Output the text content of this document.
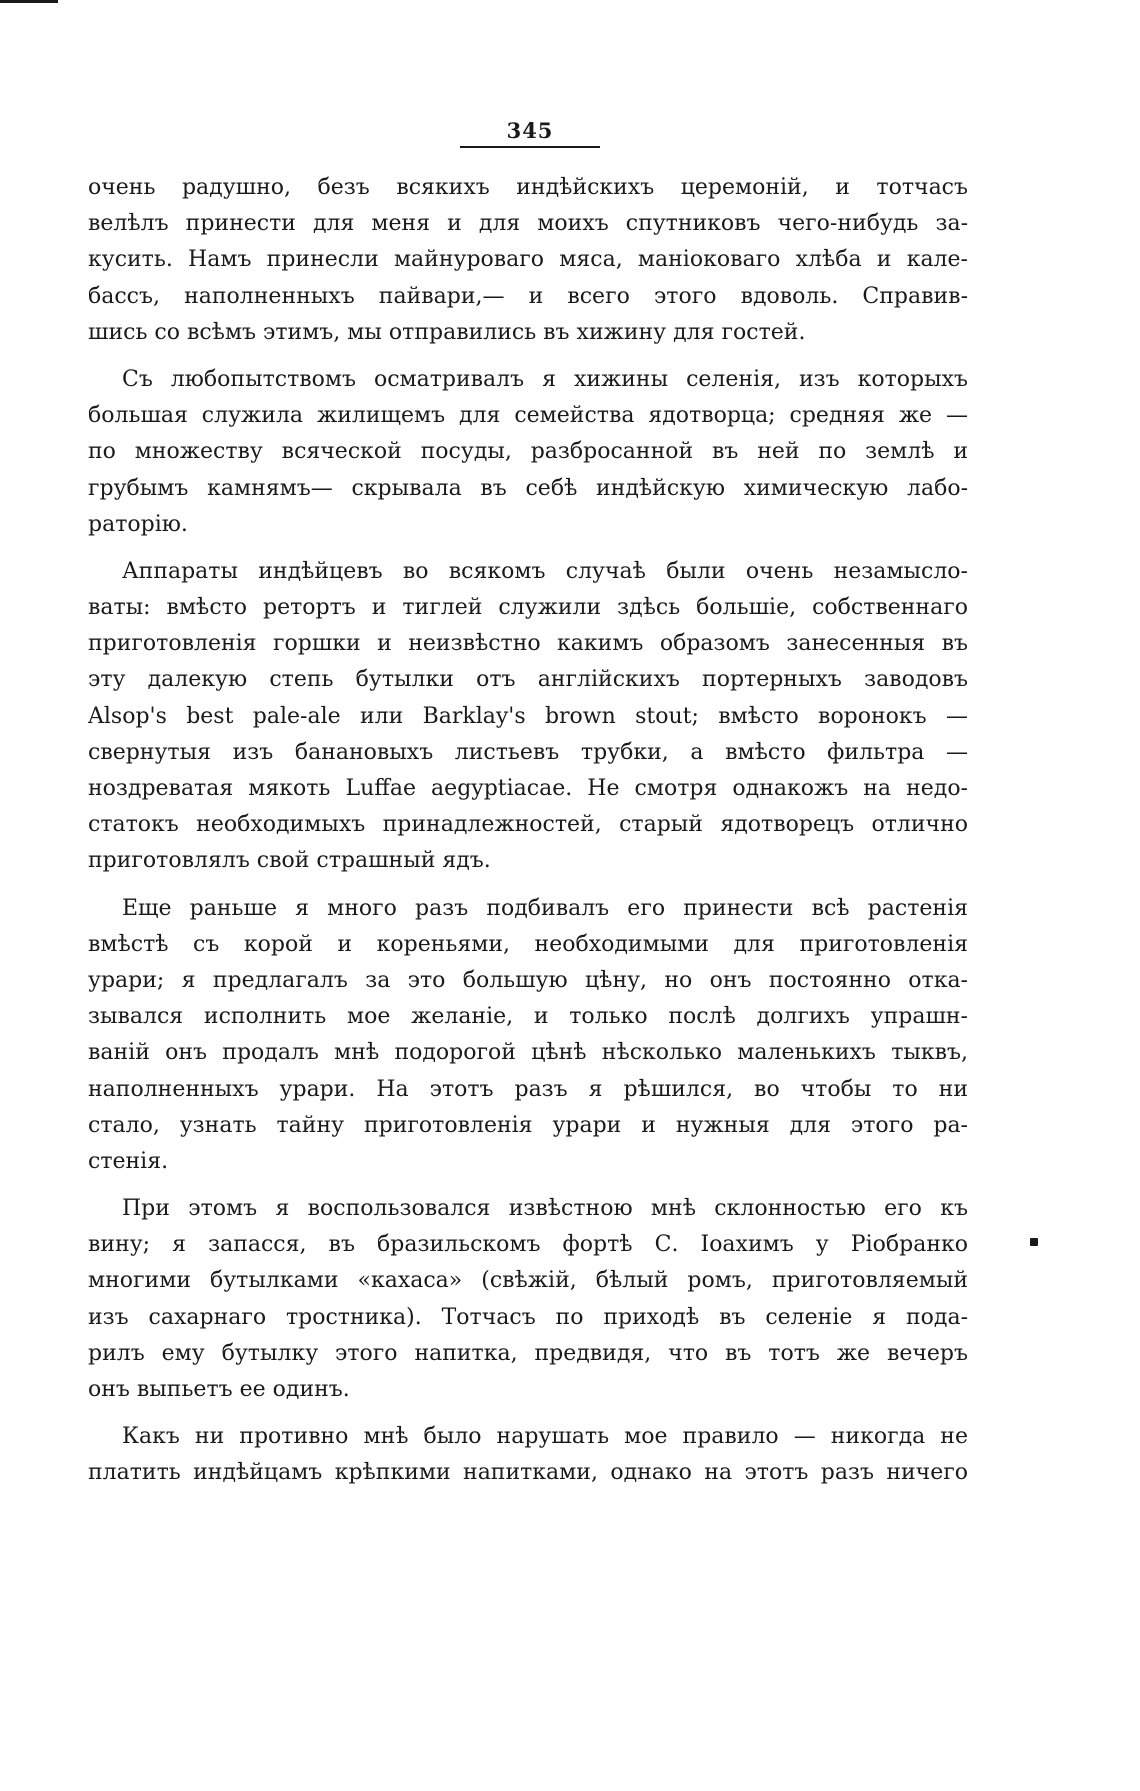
345
очень радушно, безъ всякихъ индѣйскихъ церемоній, и тотчасъ
велѣлъ принести для меня и для моихъ спутниковъ чего-нибудь за-
кусить. Намъ принесли майнуроваго мяса, маніоковаго хлѣба и кале-
бассъ, наполненныхъ пайвари,— и всего этого вдоволь. Справив-
шись со всѣмъ этимъ, мы отправились въ хижину для гостей.
Съ любопытствомъ осматривалъ я хижины селенія, изъ которыхъ
большая служила жилищемъ для семейства ядотворца; средняя же —
по множеству всяческой посуды, разбросанной въ ней по землѣ и
грубымъ камнямъ— скрывала въ себѣ индѣйскую химическую лабо-
раторію.
Аппараты индѣйцевъ во всякомъ случаѣ были очень незамысло-
ваты: вмѣсто ретортъ и тиглей служили здѣсь большіе, собственнаго
приготовленія горшки и неизвѣстно какимъ образомъ занесенныя въ
эту далекую степь бутылки отъ англійскихъ портерныхъ заводовъ
Alsop's best pale-ale или Barklay's brown stout; вмѣсто воронокъ —
свернутыя изъ банановыхъ листьевъ трубки, а вмѣсто фильтра —
ноздреватая мякоть Luffae aegyptiacae. Не смотря однакожъ на недо-
статокъ необходимыхъ принадлежностей, старый ядотворецъ отлично
приготовлялъ свой страшный ядъ.
Еще раньше я много разъ подбивалъ его принести всѣ растенія
вмѣстѣ съ корой и кореньями, необходимыми для приготовленія
урари; я предлагалъ за это большую цѣну, но онъ постоянно отка-
зывался исполнить мое желаніе, и только послѣ долгихъ упрашн-
ваній онъ продалъ мнѣ подорогой цѣнѣ нѣсколько маленькихъ тыквъ,
наполненныхъ урари. На этотъ разъ я рѣшился, во чтобы то ни
стало, узнать тайну приготовленія урари и нужныя для этого ра-
стенія.
При этомъ я воспользовался извѣстною мнѣ склонностью его къ
вину; я запасся, въ бразильскомъ фортѣ С. Іоахимъ у Ріобранко
многими бутылками «кахаса» (свѣжій, бѣлый ромъ, приготовляемый
изъ сахарнаго тростника). Тотчасъ по приходѣ въ селеніе я пода-
рилъ ему бутылку этого напитка, предвидя, что въ тотъ же вечеръ
онъ выпьетъ ее одинъ.
Какъ ни противно мнѣ было нарушать мое правило — никогда не
платить индѣйцамъ крѣпкими напитками, однако на этотъ разъ ничего
